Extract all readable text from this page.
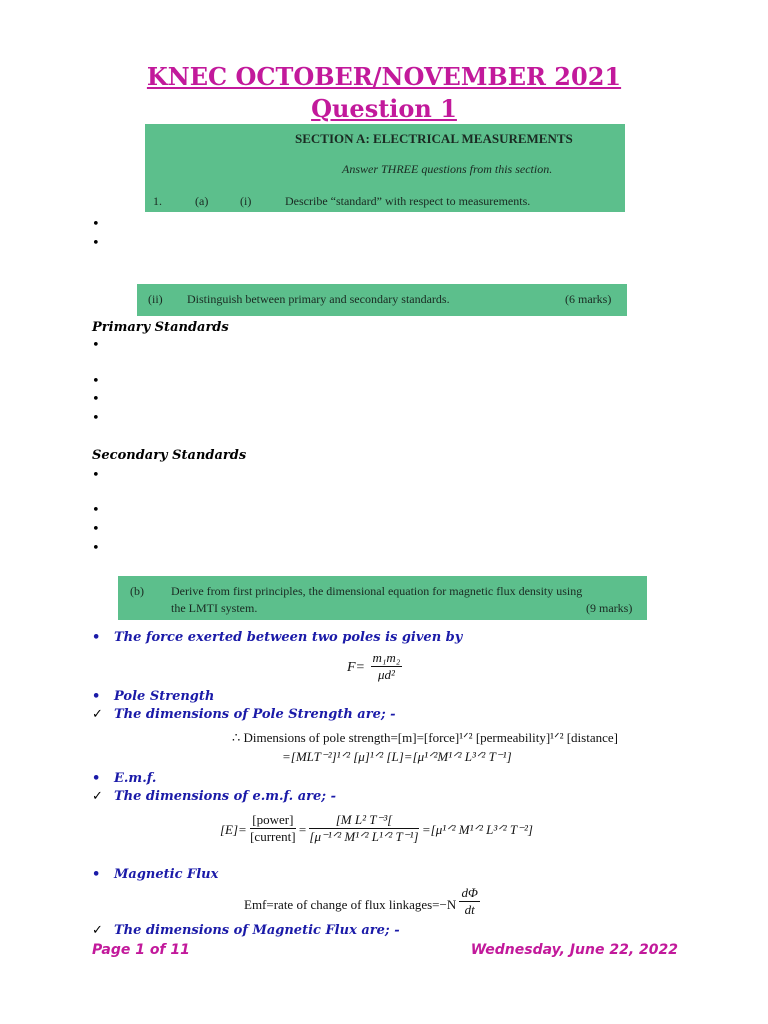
KNEC OCTOBER/NOVEMBER 2021
Question 1
SECTION A: ELECTRICAL MEASUREMENTS
Answer THREE questions from this section.
1.	(a)	(i)	Describe “standard” with respect to measurements.
•
•
(ii) Distinguish between primary and secondary standards.	(6 marks)
Primary Standards
•
•
•
•
Secondary Standards
•
•
•
•
(b) Derive from first principles, the dimensional equation for magnetic flux density using
the LMTI system.	(9 marks)
• The force exerted between two poles is given by
$F= \frac{\text{m₁m₂}}{\text{μd²}}$
• Pole Strength
✓ The dimensions of Pole Strength are; -
∴ Dimensions of pole strength=[m]=[force]¹ᐟ² [permeability]¹ᐟ² [distance]
=[MLT⁻²]¹ᐟ² [μ]¹ᐟ² [L]=[μ¹ᐟ²M¹ᐟ² L³ᐟ² T⁻¹]
• E.m.f.
✓ The dimensions of e.m.f. are; -
[E]=
[power]
[current] =
[M L² T⁻³[
[μ⁻¹ᐟ² M¹ᐟ² L¹ᐟ² T⁻¹] =[μ¹ᐟ² M¹ᐟ² L³ᐟ² T⁻²]
• Magnetic Flux
Emf=rate of change of flux linkages=−N $\frac{d\Phi}{dt}$
✓ The dimensions of Magnetic Flux are; -
Page 1 of 11	Wednesday, June 22, 2022
